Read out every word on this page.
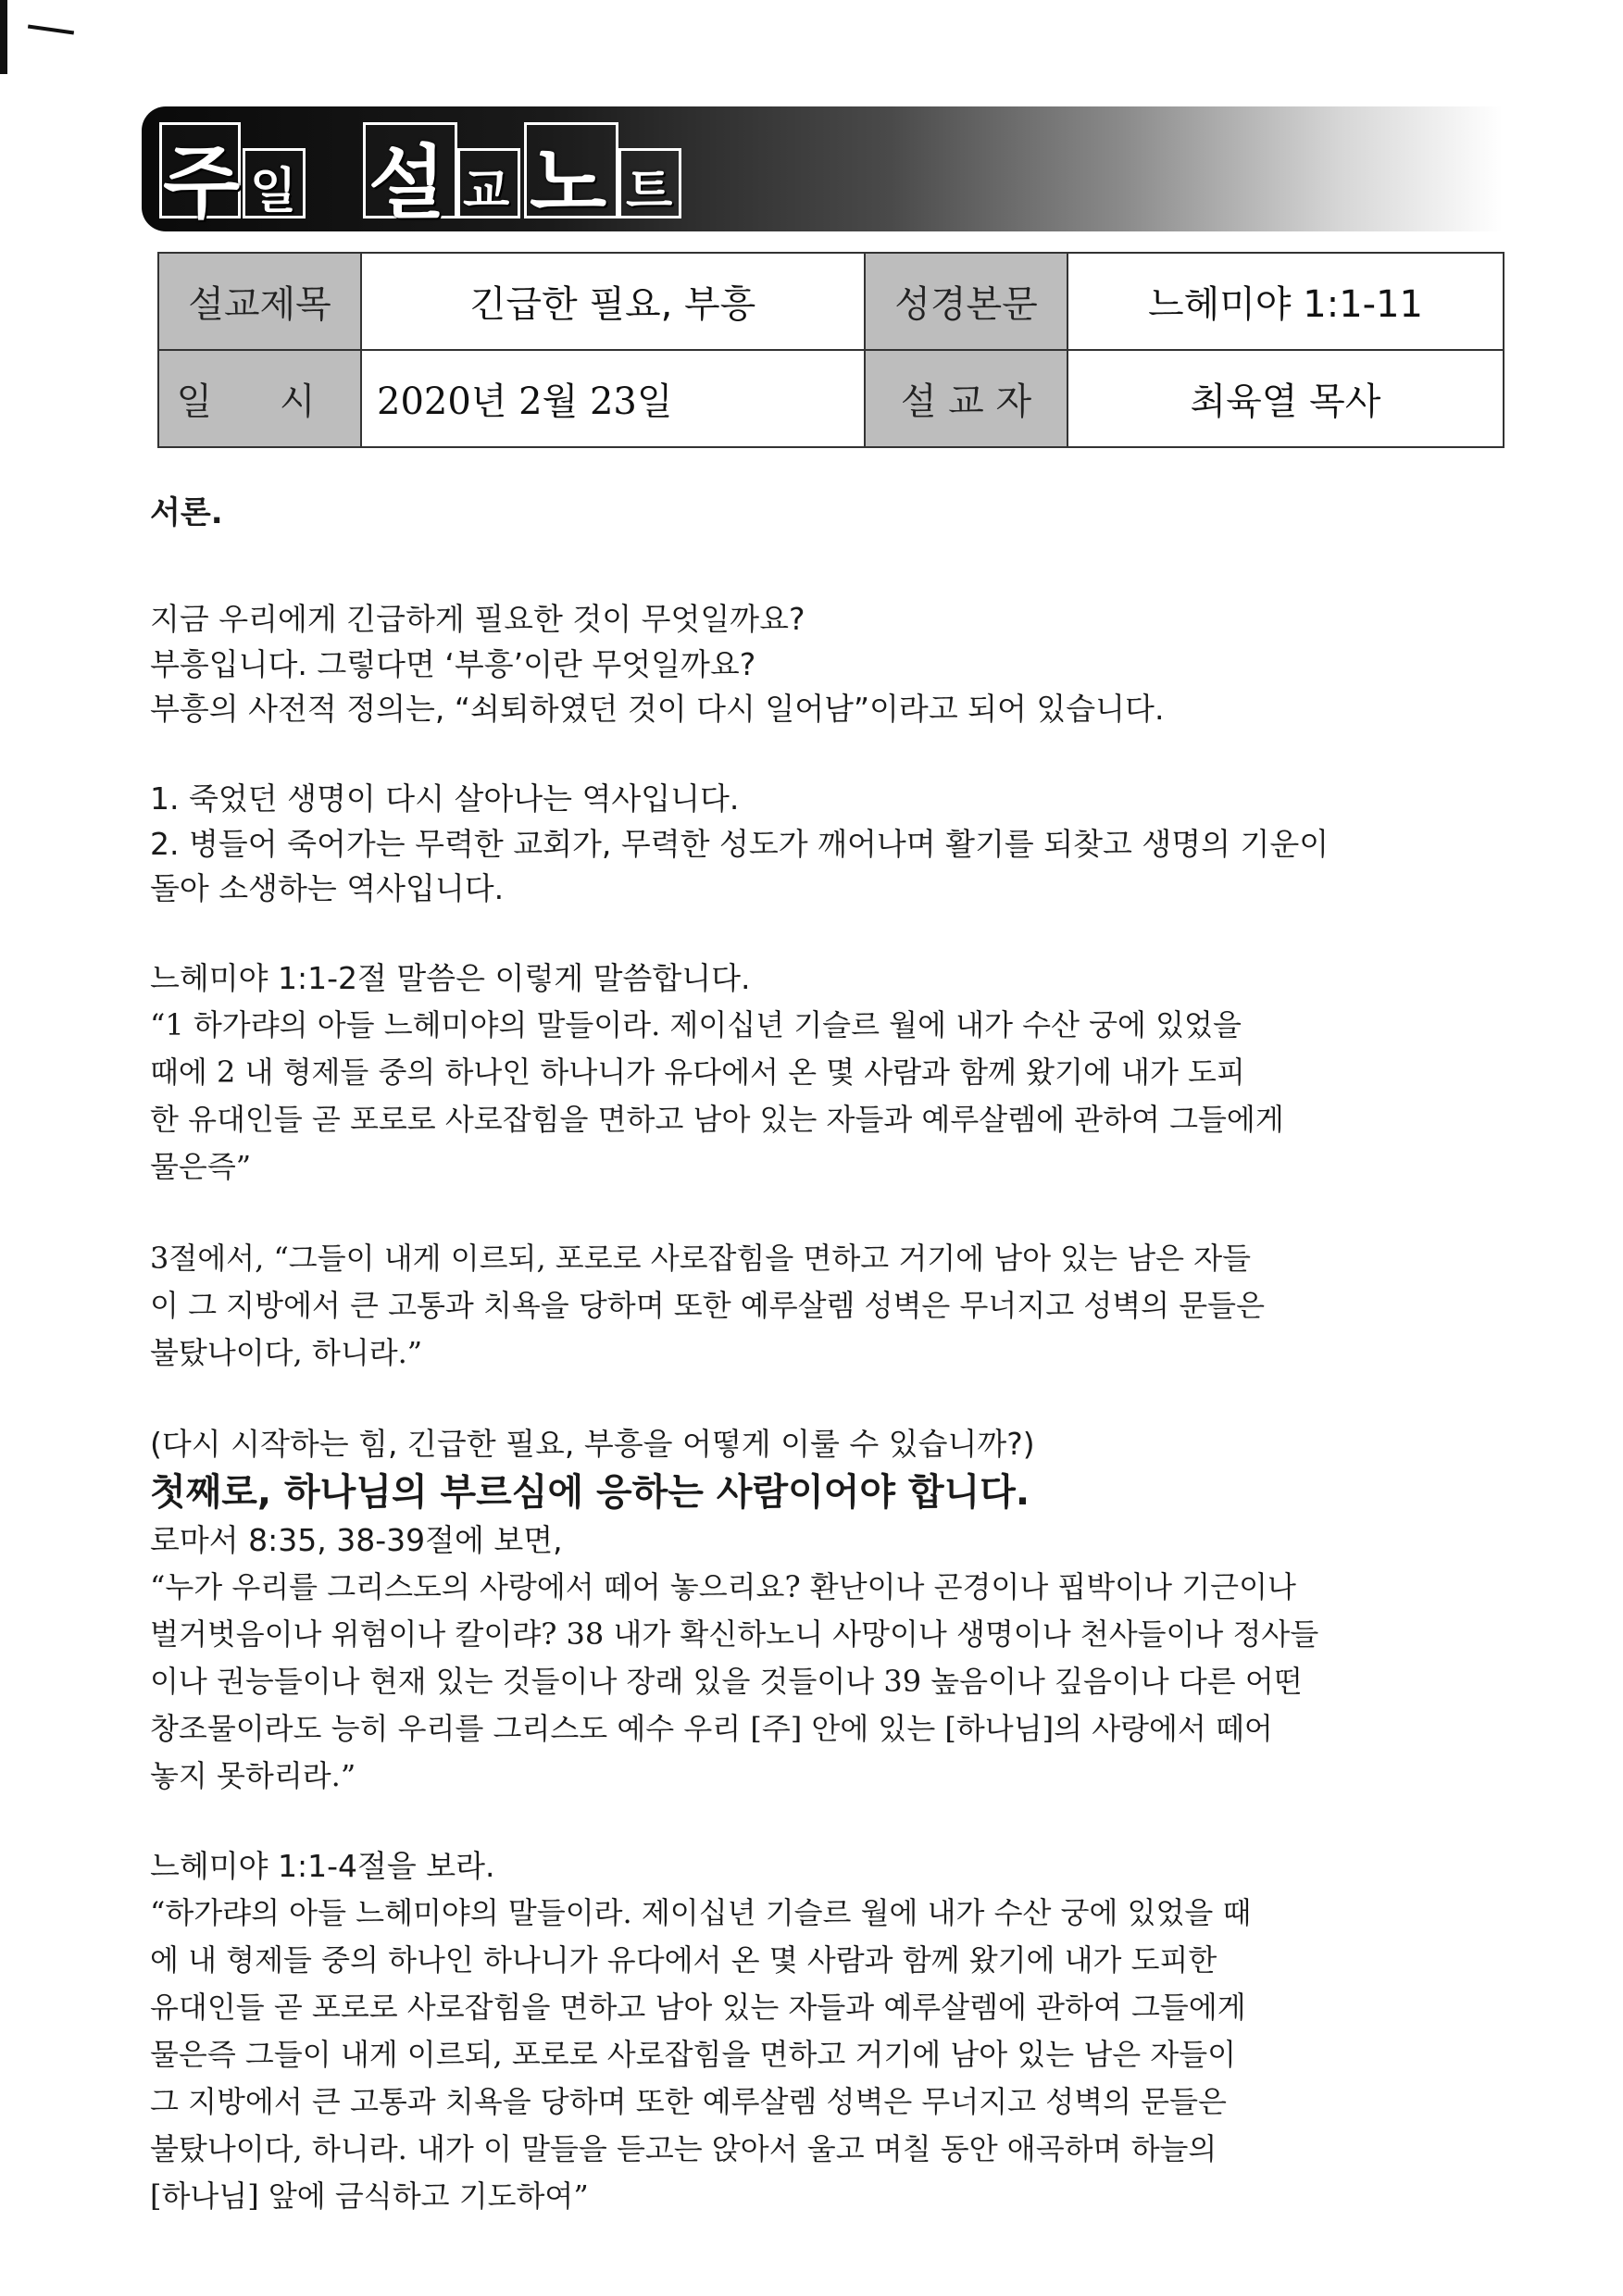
주 일 설 교 노 트
설교제목	긴급한 필요, 부흥	성경본문	느헤미야 1:1-11
일 시	2020년 2월 23일	설 교 자	최육열 목사

서론.

지금 우리에게 긴급하게 필요한 것이 무엇일까요?

부흥입니다. 그렇다면 ‘부흥’이란 무엇일까요?

부흥의 사전적 정의는, “쇠퇴하였던 것이 다시 일어남”이라고 되어 있습니다.

1. 죽었던 생명이 다시 살아나는 역사입니다.

2. 병들어 죽어가는 무력한 교회가, 무력한 성도가 깨어나며 활기를 되찾고 생명의 기운이

돌아 소생하는 역사입니다.

느헤미야 1:1-2절 말씀은 이렇게 말씀합니다.

“1 하가랴의 아들 느헤미야의 말들이라. 제이십년 기슬르 월에 내가 수산 궁에 있었을

때에 2 내 형제들 중의 하나인 하나니가 유다에서 온 몇 사람과 함께 왔기에 내가 도피

한 유대인들 곧 포로로 사로잡힘을 면하고 남아 있는 자들과 예루살렘에 관하여 그들에게

물은즉”

3절에서, “그들이 내게 이르되, 포로로 사로잡힘을 면하고 거기에 남아 있는 남은 자들

이 그 지방에서 큰 고통과 치욕을 당하며 또한 예루살렘 성벽은 무너지고 성벽의 문들은

불탔나이다, 하니라.”

(다시 시작하는 힘, 긴급한 필요, 부흥을 어떻게 이룰 수 있습니까?)

첫째로, 하나님의 부르심에 응하는 사람이어야 합니다.

로마서 8:35, 38-39절에 보면,

“누가 우리를 그리스도의 사랑에서 떼어 놓으리요? 환난이나 곤경이나 핍박이나 기근이나

벌거벗음이나 위험이나 칼이랴? 38 내가 확신하노니 사망이나 생명이나 천사들이나 정사들

이나 권능들이나 현재 있는 것들이나 장래 있을 것들이나 39 높음이나 깊음이나 다른 어떤

창조물이라도 능히 우리를 그리스도 예수 우리 [주] 안에 있는 [하나님]의 사랑에서 떼어

놓지 못하리라.”

느헤미야 1:1-4절을 보라.

“하가랴의 아들 느헤미야의 말들이라. 제이십년 기슬르 월에 내가 수산 궁에 있었을 때

에 내 형제들 중의 하나인 하나니가 유다에서 온 몇 사람과 함께 왔기에 내가 도피한

유대인들 곧 포로로 사로잡힘을 면하고 남아 있는 자들과 예루살렘에 관하여 그들에게

물은즉 그들이 내게 이르되, 포로로 사로잡힘을 면하고 거기에 남아 있는 남은 자들이

그 지방에서 큰 고통과 치욕을 당하며 또한 예루살렘 성벽은 무너지고 성벽의 문들은

불탔나이다, 하니라. 내가 이 말들을 듣고는 앉아서 울고 며칠 동안 애곡하며 하늘의

[하나님] 앞에 금식하고 기도하여”
